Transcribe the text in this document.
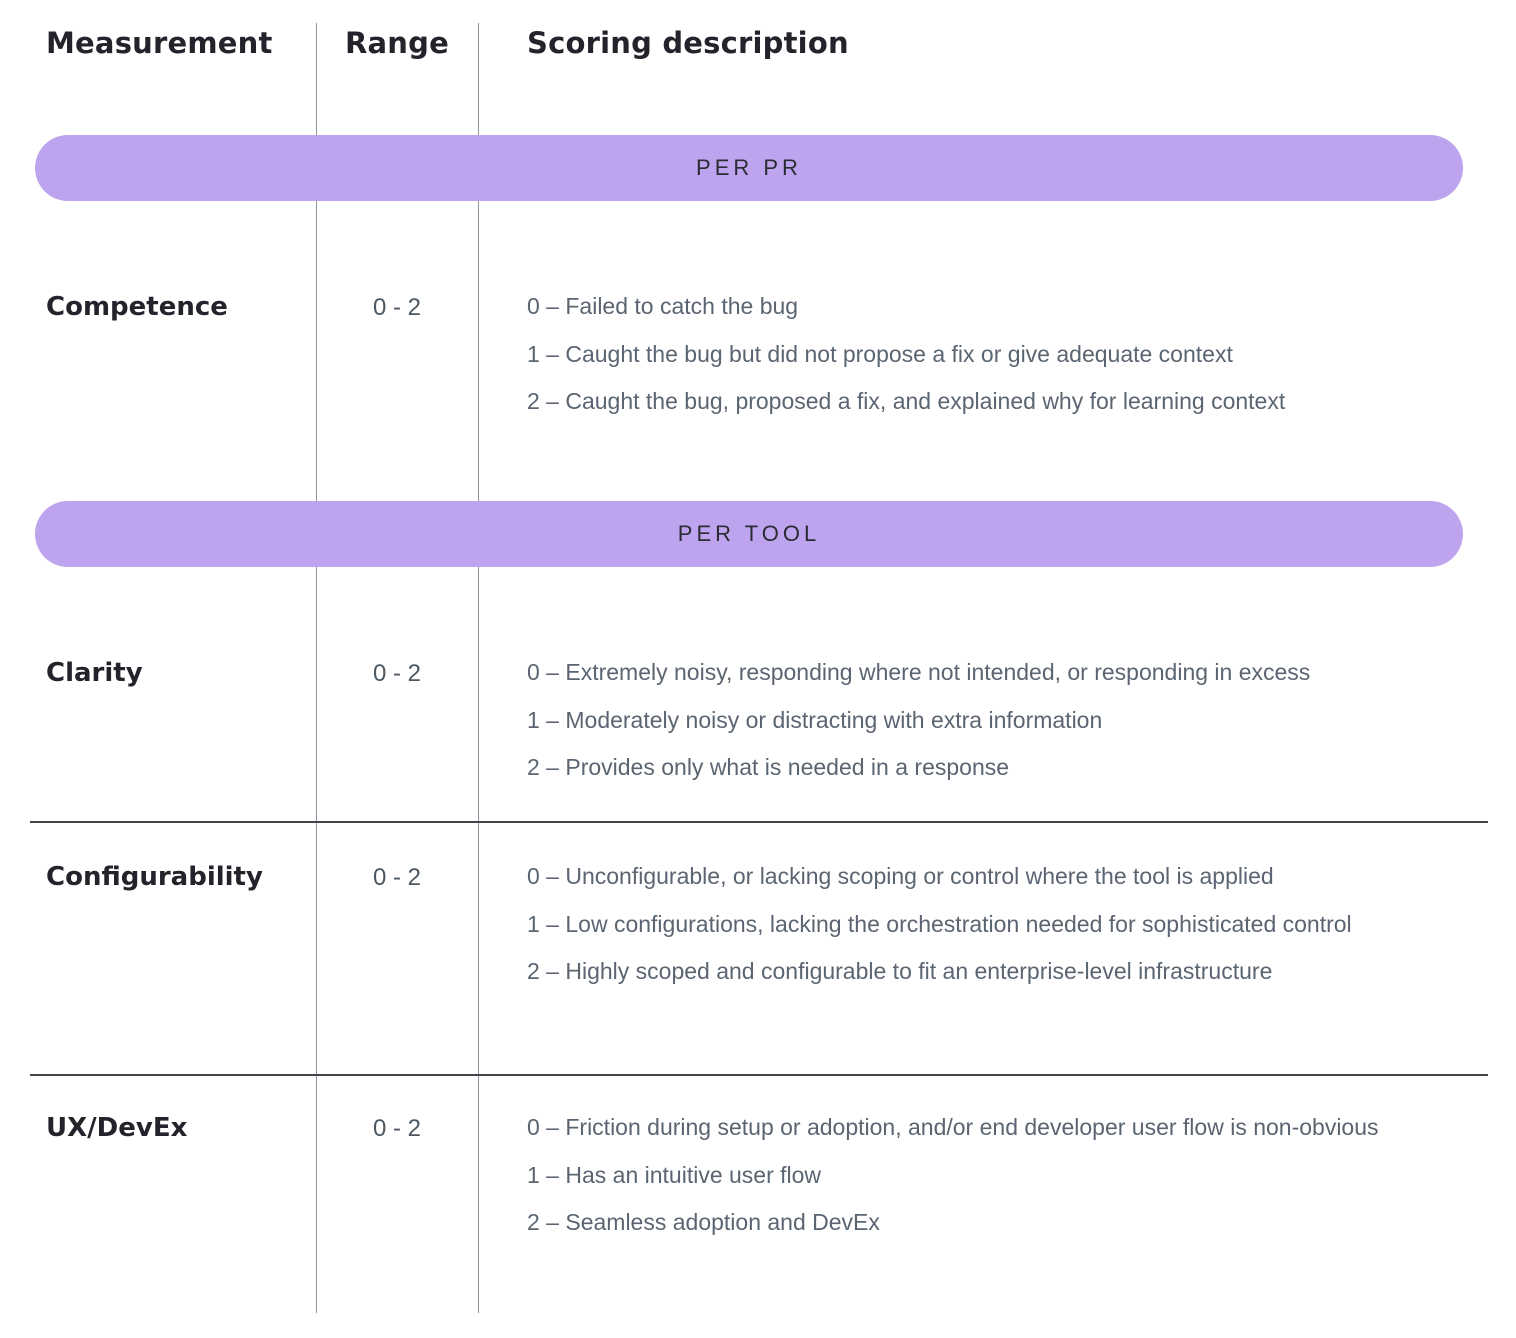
Measurement	Range	Scoring description
PER PR
Competence	0 - 2	0 – Failed to catch the bug
1 – Caught the bug but did not propose a fix or give adequate context
2 – Caught the bug, proposed a fix, and explained why for learning context
PER TOOL
Clarity	0 - 2	0 – Extremely noisy, responding where not intended, or responding in excess
1 – Moderately noisy or distracting with extra information
2 – Provides only what is needed in a response
Configurability	0 - 2	0 – Unconfigurable, or lacking scoping or control where the tool is applied
1 – Low configurations, lacking the orchestration needed for sophisticated control
2 – Highly scoped and configurable to fit an enterprise-level infrastructure
UX/DevEx	0 - 2	0 – Friction during setup or adoption, and/or end developer user flow is non-obvious
1 – Has an intuitive user flow
2 – Seamless adoption and DevEx
